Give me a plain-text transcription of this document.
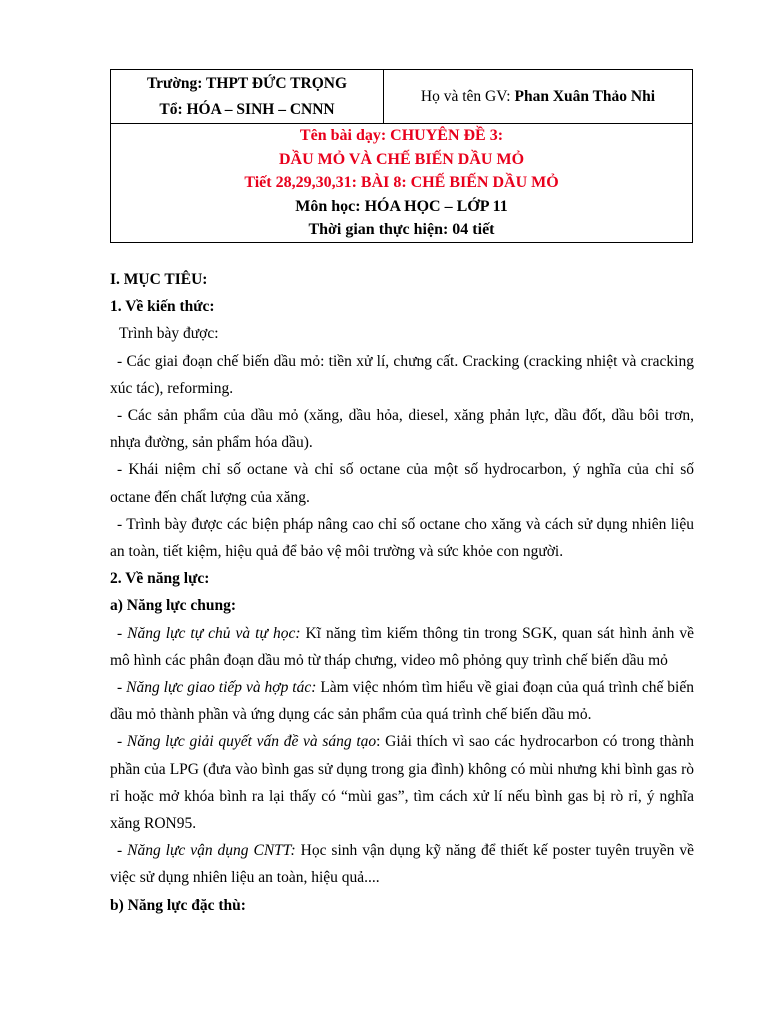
Trường: THPT ĐỨC TRỌNG
Tổ: HÓA – SINH – CNNN
	Họ và tên GV: Phan Xuân Thảo Nhi

Tên bài dạy: CHUYÊN ĐỀ 3:
DẦU MỎ VÀ CHẾ BIẾN DẦU MỎ
Tiết 28,29,30,31: BÀI 8: CHẾ BIẾN DẦU MỎ
Môn học: HÓA HỌC – LỚP 11
Thời gian thực hiện: 04 tiết

I. MỤC TIÊU:

1. Về kiến thức:

Trình bày được:

- Các giai đoạn chế biến dầu mỏ: tiền xử lí, chưng cất. Cracking (cracking nhiệt và cracking xúc tác), reforming.

- Các sản phẩm của dầu mỏ (xăng, dầu hỏa, diesel, xăng phản lực, dầu đốt, dầu bôi trơn, nhựa đường, sản phẩm hóa dầu).

- Khái niệm chỉ số octane và chỉ số octane của một số hydrocarbon, ý nghĩa của chỉ số octane đến chất lượng của xăng.

- Trình bày được các biện pháp nâng cao chỉ số octane cho xăng và cách sử dụng nhiên liệu an toàn, tiết kiệm, hiệu quả để bảo vệ môi trường và sức khỏe con người.

2. Về năng lực:

a) Năng lực chung:

- Năng lực tự chủ và tự học: Kĩ năng tìm kiếm thông tin trong SGK, quan sát hình ảnh về mô hình các phân đoạn dầu mỏ từ tháp chưng, video mô phỏng quy trình chế biến dầu mỏ

- Năng lực giao tiếp và hợp tác: Làm việc nhóm tìm hiểu về giai đoạn của quá trình chế biến dầu mỏ thành phần và ứng dụng các sản phẩm của quá trình chế biến dầu mỏ.

- Năng lực giải quyết vấn đề và sáng tạo: Giải thích vì sao các hydrocarbon có trong thành phần của LPG (đưa vào bình gas sử dụng trong gia đình) không có mùi nhưng khi bình gas rò rỉ hoặc mở khóa bình ra lại thấy có “mùi gas”, tìm cách xử lí nếu bình gas bị rò rỉ, ý nghĩa xăng RON95.

- Năng lực vận dụng CNTT: Học sinh vận dụng kỹ năng để thiết kế poster tuyên truyền về việc sử dụng nhiên liệu an toàn, hiệu quả....

b) Năng lực đặc thù:
